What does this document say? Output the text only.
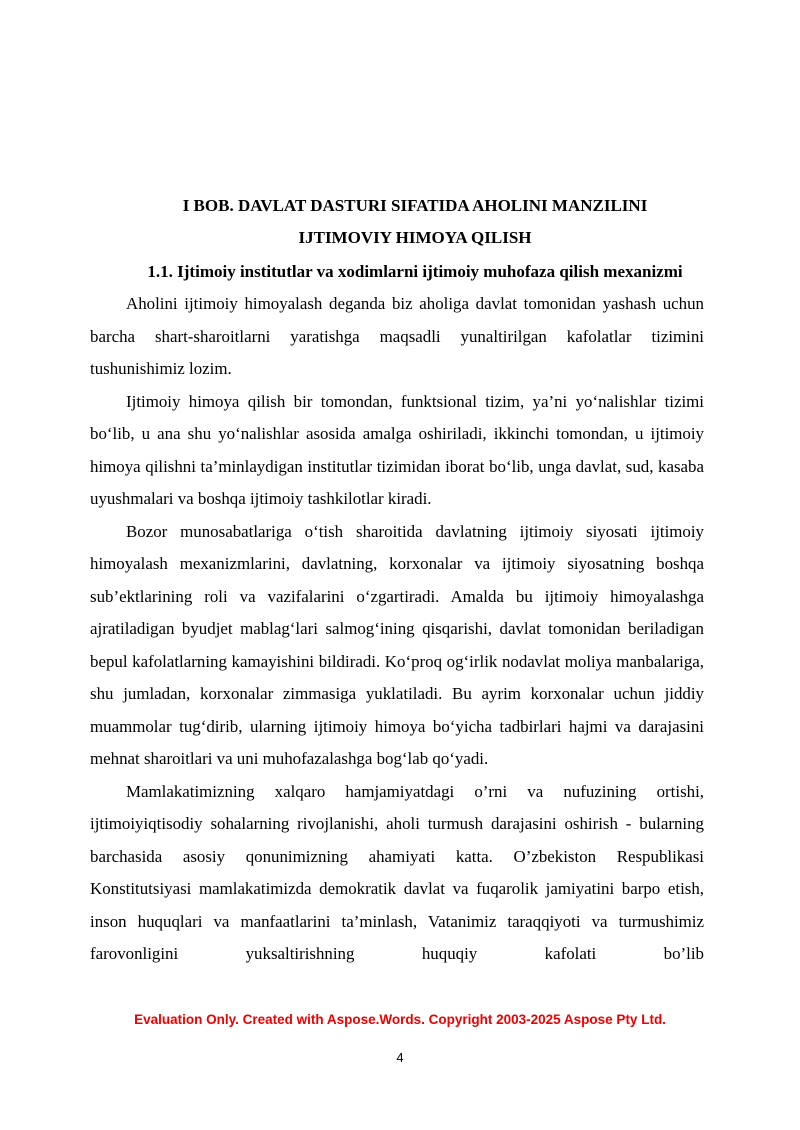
I BOB. DAVLAT DASTURI SIFATIDA AHOLINI MANZILINI
IJTIMOVIY HIMOYA QILISH
1.1. Ijtimoiy institutlar va xodimlarni ijtimoiy muhofaza qilish mexanizmi

Aholini ijtimoiy himoyalash deganda biz aholiga davlat tomonidan yashash uchun barcha shart-sharoitlarni yaratishga maqsadli yunaltirilgan kafolatlar tizimini tushunishimiz lozim.

Ijtimoiy himoya qilish bir tomondan, funktsional tizim, ya’ni yo‘nalishlar tizimi bo‘lib, u ana shu yo‘nalishlar asosida amalga oshiriladi, ikkinchi tomondan, u ijtimoiy himoya qilishni ta’minlaydigan institutlar tizimidan iborat bo‘lib, unga davlat, sud, kasaba uyushmalari va boshqa ijtimoiy tashkilotlar kiradi.

Bozor munosabatlariga o‘tish sharoitida davlatning ijtimoiy siyosati ijtimoiy himoyalash mexanizmlarini, davlatning, korxonalar va ijtimoiy siyosatning boshqa sub’ektlarining roli va vazifalarini o‘zgartiradi. Amalda bu ijtimoiy himoyalashga ajratiladigan byudjet mablag‘lari salmog‘ining qisqarishi, davlat tomonidan beriladigan bepul kafolatlarning kamayishini bildiradi. Ko‘proq og‘irlik nodavlat moliya manbalariga, shu jumladan, korxonalar zimmasiga yuklatiladi. Bu ayrim korxonalar uchun jiddiy muammolar tug‘dirib, ularning ijtimoiy himoya bo‘yicha tadbirlari hajmi va darajasini mehnat sharoitlari va uni muhofazalashga bog‘lab qo‘yadi.

Mamlakatimizning xalqaro hamjamiyatdagi o’rni va nufuzining ortishi, ijtimoiyiqtisodiy sohalarning rivojlanishi, aholi turmush darajasini oshirish - bularning barchasida asosiy qonunimizning ahamiyati katta. O’zbekiston Respublikasi Konstitutsiyasi mamlakatimizda demokratik davlat va fuqarolik jamiyatini barpo etish, inson huquqlari va manfaatlarini ta’minlash, Vatanimiz taraqqiyoti va turmushimiz farovonligini yuksaltirishning huquqiy kafolati bo’lib

Evaluation Only. Created with Aspose.Words. Copyright 2003-2025 Aspose Pty Ltd.
4
